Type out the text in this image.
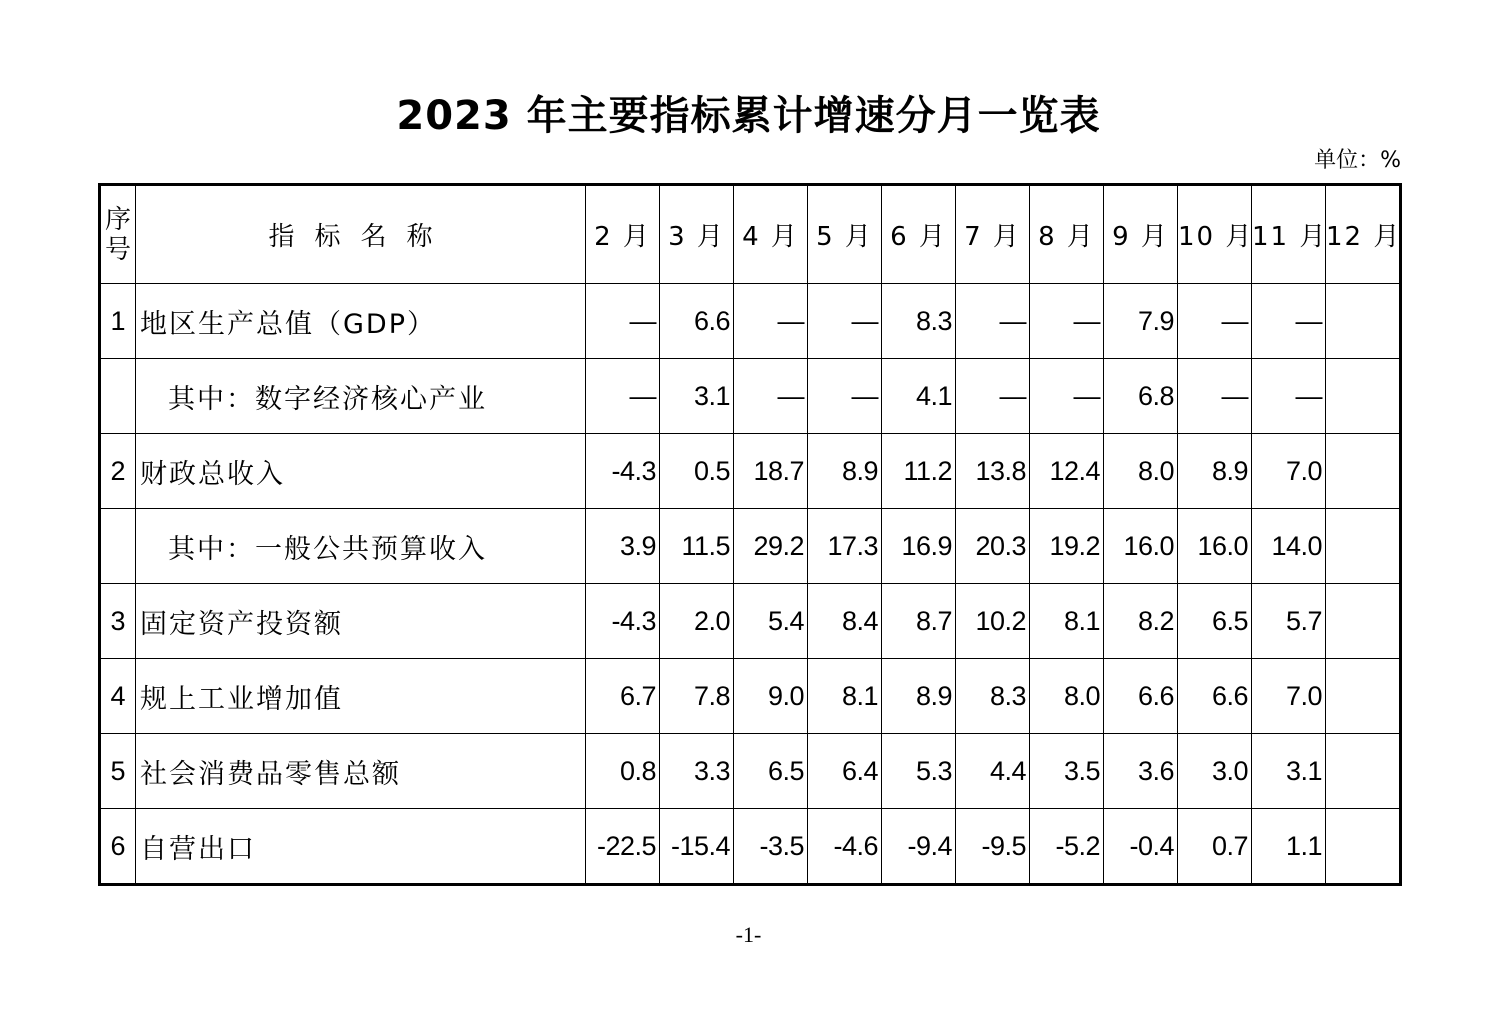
2023 年主要指标累计增速分月一览表
单位：%
序
号	指标名称	2 月	3 月	4 月	5 月	6 月	7 月	8 月	9 月	10 月	11 月	12 月
1	地区生产总值（GDP）	—	6.6	—	—	8.3	—	—	7.9	—	—	
	其中：数字经济核心产业	—	3.1	—	—	4.1	—	—	6.8	—	—	
2	财政总收入	-4.3	0.5	18.7	8.9	11.2	13.8	12.4	8.0	8.9	7.0	
	其中：一般公共预算收入	3.9	11.5	29.2	17.3	16.9	20.3	19.2	16.0	16.0	14.0	
3	固定资产投资额	-4.3	2.0	5.4	8.4	8.7	10.2	8.1	8.2	6.5	5.7	
4	规上工业增加值	6.7	7.8	9.0	8.1	8.9	8.3	8.0	6.6	6.6	7.0	
5	社会消费品零售总额	0.8	3.3	6.5	6.4	5.3	4.4	3.5	3.6	3.0	3.1	
6	自营出口	-22.5	-15.4	-3.5	-4.6	-9.4	-9.5	-5.2	-0.4	0.7	1.1	
-1-
